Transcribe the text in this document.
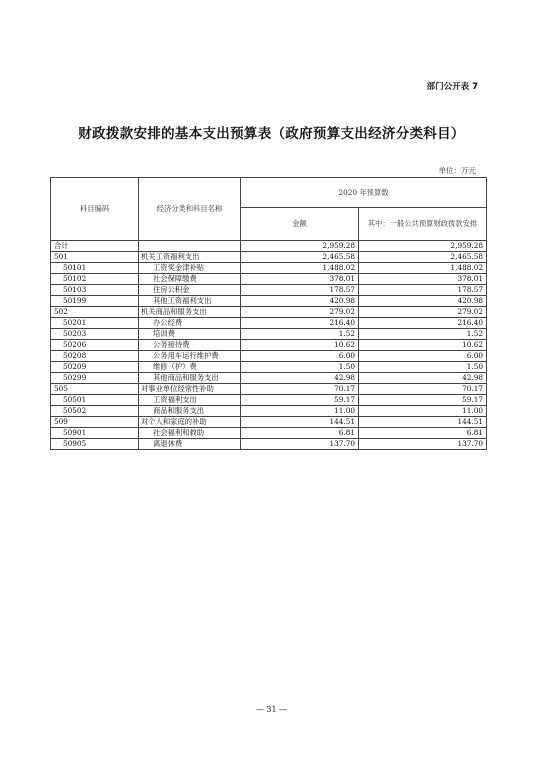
部门公开表 7
财政拨款安排的基本支出预算表（政府预算支出经济分类科目）
单位：万元
科目编码	经济分类和科目名称	2020 年预算数	
		金额	其中：一般公共预算财政拨款安排
合计		2,959.28	2,959.28
501	机关工资福利支出	2,465.58	2,465.58
50101	工资奖金津补贴	1,488.02	1,488.02
50102	社会保障缴费	378.01	378.01
50103	住房公积金	178.57	178.57
50199	其他工资福利支出	420.98	420.98
502	机关商品和服务支出	279.02	279.02
50201	办公经费	216.40	216.40
50203	培训费	1.52	1.52
50206	公务接待费	10.62	10.62
50208	公务用车运行维护费	6.00	6.00
50209	维修（护）费	1.50	1.50
50299	其他商品和服务支出	42.98	42.98
505	对事业单位经常性补助	70.17	70.17
50501	工资福利支出	59.17	59.17
50502	商品和服务支出	11.00	11.00
509	对个人和家庭的补助	144.51	144.51
50901	社会福利和救助	6.81	6.81
50905	离退休费	137.70	137.70
— 31 —
